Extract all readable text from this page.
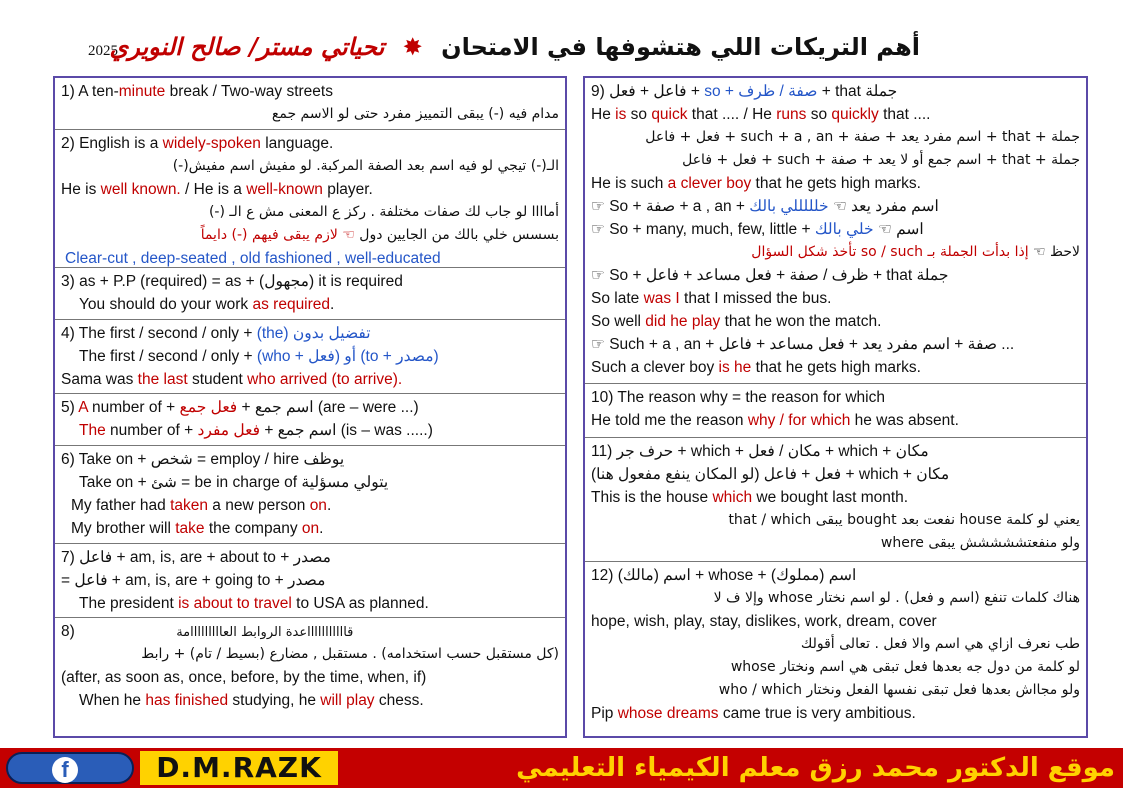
2025	أهم التريكات اللي هتشوفها في الامتحان ✸ تحياتي مستر/ صالح النويري
1) A ten-minute break / Two-way streets
مدام فيه (-) يبقى التمييز مفرد حتى لو الاسم جمع
2) English is a widely-spoken language.
الـ(-) تيجي لو فيه اسم بعد الصفة المركبة. لو مفيش اسم مفيش(-)
He is well known. / He is a well-known player.
أماااا لو جاب لك صفات مختلفة . ركز ع المعنى مش ع الـ (-)
بسسس خلي بالك من الجايين دول ☜ لازم يبقى فيهم (-) دايماً
Clear-cut , deep-seated , old fashioned , well-educated
3) as + P.P (required) = as + (مجهول) it is required
You should do your work as required.
4) The first / second / only + (the) تفضيل بدون
The first / second / only + (who + فعل) أو (to + مصدر)
Sama was the last student who arrived (to arrive).
5) A number of + اسم جمع + فعل جمع	(are – were ...)
The number of + اسم جمع + فعل مفرد	(is – was .....)
6) Take on + شخص = employ / hire يوظف
Take on + شئ = be in charge of يتولي مسؤلية
My father had taken a new person on.
My brother will take the company on.
7) فاعل + am, is, are + about to + مصدر
= فاعل + am, is, are + going to + مصدر
The president is about to travel to USA as planned.
8)	قاااااااااااعدة الروابط العااااااااامة
(كل مستقبل حسب استخدامه) . مستقبل , مضارع (بسيط / تام) + رابط
(after, as soon as, once, before, by the time, when, if)
When he has finished studying, he will play chess.
9) فاعل + فعل + so + صفة / ظرف + that جملة
He is so quick that .... / He runs so quickly that ....
جملة + that + اسم مفرد يعد + صفة + such + a , an + فعل + فاعل
جملة + that + اسم جمع أو لا يعد + صفة + such + فعل + فاعل
He is such a clever boy that he gets high marks.
☞ So + صفة + a , an + اسم مفرد يعد ☜ خلللللي بالك
☞ So + many, much, few, little + اسم ☜ خلي بالك
لاحظ ☜ إذا بدأت الجملة بـ so / such تأخذ شكل السؤال
☞ So + ظرف / صفة + فعل مساعد + فاعل + that جملة
So late was I that I missed the bus.
So well did he play that he won the match.
☞ Such + a , an + صفة + اسم مفرد يعد + فعل مساعد + فاعل ...
Such a clever boy is he that he gets high marks.
10) The reason why = the reason for which
He told me the reason why / for which he was absent.
11) حرف جر + which + مكان / فعل + which + مكان
(لو المكان ينفع مفعول هنا) فعل + فاعل + which + مكان
This is the house which we bought last month.
يعني لو كلمة house نفعت بعد bought يبقى that / which
ولو منفعتششششش يبقى where
12) (مالك) اسم + whose + (مملوك) اسم
هناك كلمات تنفع (اسم و فعل) . لو اسم نختار whose وإلا ف لا
hope, wish, play, stay, dislikes, work, dream, cover
طب نعرف ازاي هي اسم والا فعل . تعالى أقولك
لو كلمة من دول جه بعدها فعل تبقى هي اسم ونختار whose
ولو مجااش بعدها فعل تبقى نفسها الفعل ونختار who / which
Pip whose dreams came true is very ambitious.
f	D.M.RAZK	موقع الدكتور محمد رزق معلم الكيمياء التعليمي
